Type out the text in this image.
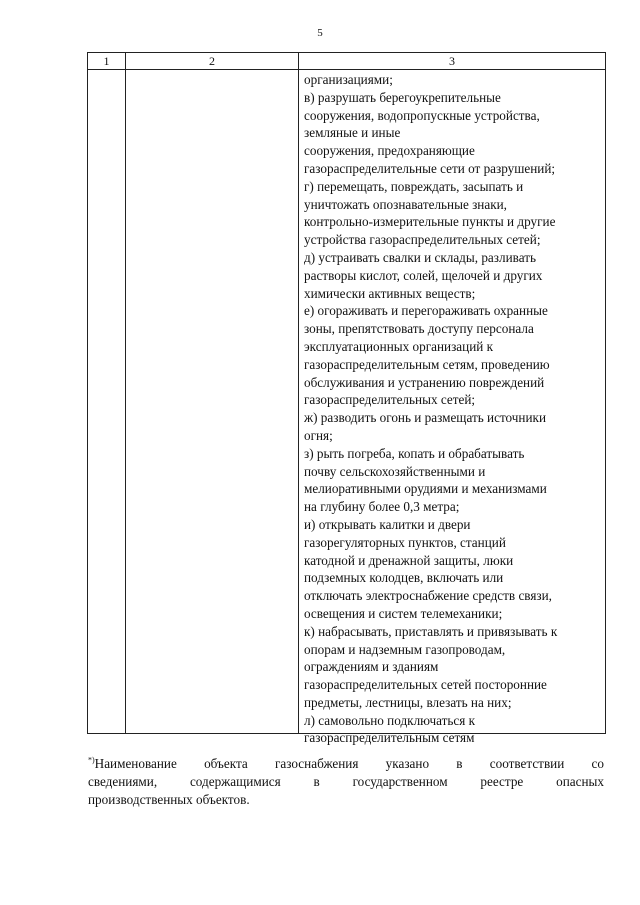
5
1	2	3
организациями;
в) разрушать берегоукрепительные
сооружения, водопропускные устройства,
земляные и иные
сооружения, предохраняющие
газораспределительные сети от разрушений;
г) перемещать, повреждать, засыпать и
уничтожать опознавательные знаки,
контрольно-измерительные пункты и другие
устройства газораспределительных сетей;
д) устраивать свалки и склады, разливать
растворы кислот, солей, щелочей и других
химически активных веществ;
е) огораживать и перегораживать охранные
зоны, препятствовать доступу персонала
эксплуатационных организаций к
газораспределительным сетям, проведению
обслуживания и устранению повреждений
газораспределительных сетей;
ж) разводить огонь и размещать источники
огня;
з) рыть погреба, копать и обрабатывать
почву сельскохозяйственными и
мелиоративными орудиями и механизмами
на глубину более 0,3 метра;
и) открывать калитки и двери
газорегуляторных пунктов, станций
катодной и дренажной защиты, люки
подземных колодцев, включать или
отключать электроснабжение средств связи,
освещения и систем телемеханики;
к) набрасывать, приставлять и привязывать к
опорам и надземным газопроводам,
ограждениям и зданиям
газораспределительных сетей посторонние
предметы, лестницы, влезать на них;
л) самовольно подключаться к
газораспределительным сетям
*)Наименование объекта газоснабжения указано в соответствии со
сведениями, содержащимися в государственном реестре опасных
производственных объектов.
